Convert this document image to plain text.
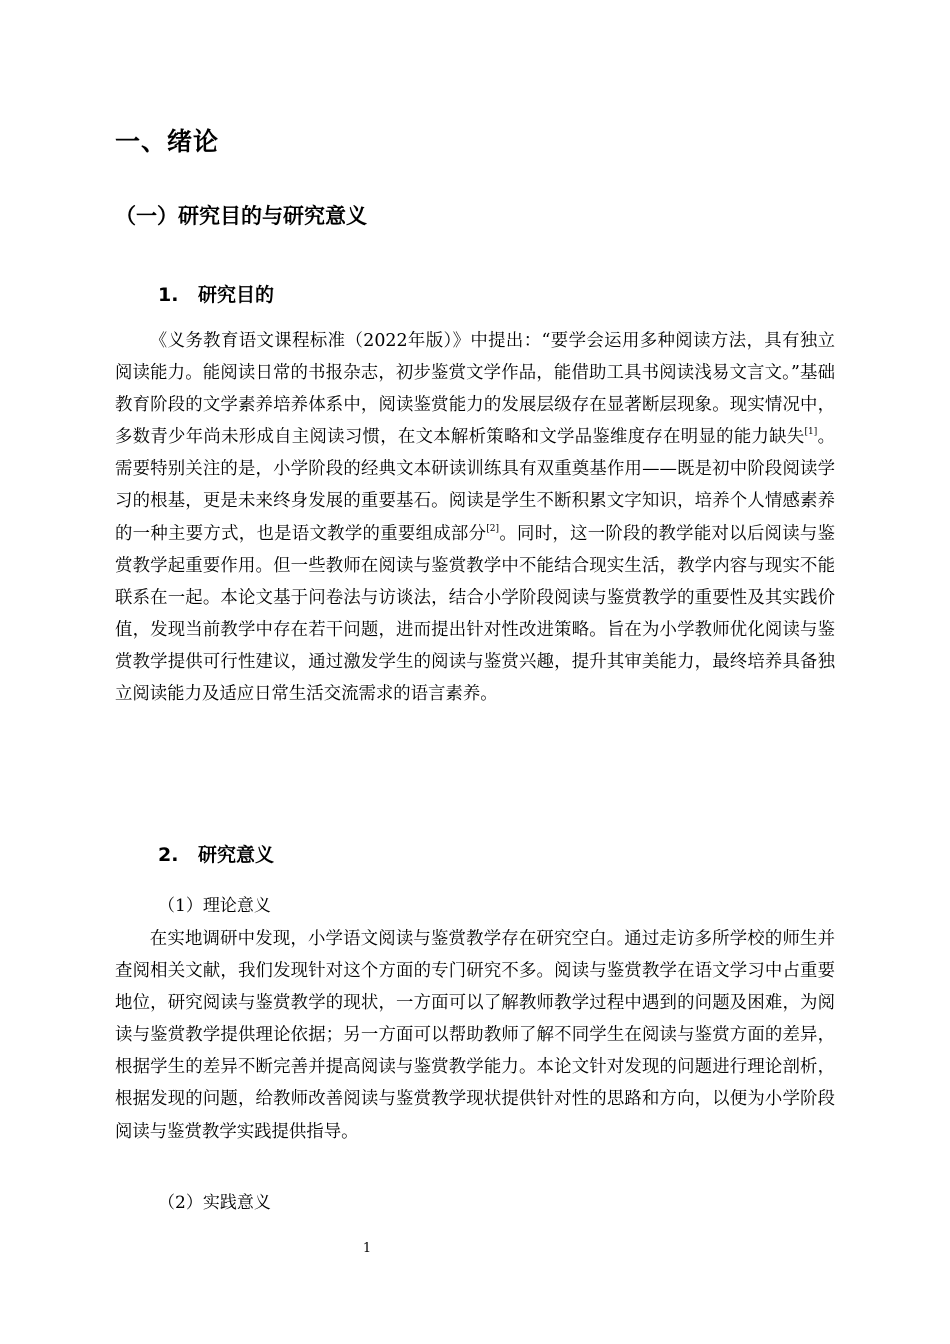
一、绪论
（一）研究目的与研究意义
1. 研究目的
《义务教育语文课程标准（2022年版）》中提出：“要学会运用多种阅读方法，具有独立阅读能力。能阅读日常的书报杂志，初步鉴赏文学作品，能借助工具书阅读浅易文言文。”基础教育阶段的文学素养培养体系中，阅读鉴赏能力的发展层级存在显著断层现象。现实情况中，多数青少年尚未形成自主阅读习惯，在文本解析策略和文学品鉴维度存在明显的能力缺失[1]。需要特别关注的是，小学阶段的经典文本研读训练具有双重奠基作用——既是初中阶段阅读学习的根基，更是未来终身发展的重要基石。阅读是学生不断积累文字知识，培养个人情感素养的一种主要方式，也是语文教学的重要组成部分[2]。同时，这一阶段的教学能对以后阅读与鉴赏教学起重要作用。但一些教师在阅读与鉴赏教学中不能结合现实生活，教学内容与现实不能联系在一起。本论文基于问卷法与访谈法，结合小学阶段阅读与鉴赏教学的重要性及其实践价值，发现当前教学中存在若干问题，进而提出针对性改进策略。旨在为小学教师优化阅读与鉴赏教学提供可行性建议，通过激发学生的阅读与鉴赏兴趣，提升其审美能力，最终培养具备独立阅读能力及适应日常生活交流需求的语言素养。
2. 研究意义
（1）理论意义
在实地调研中发现，小学语文阅读与鉴赏教学存在研究空白。通过走访多所学校的师生并查阅相关文献，我们发现针对这个方面的专门研究不多。阅读与鉴赏教学在语文学习中占重要地位，研究阅读与鉴赏教学的现状，一方面可以了解教师教学过程中遇到的问题及困难，为阅读与鉴赏教学提供理论依据；另一方面可以帮助教师了解不同学生在阅读与鉴赏方面的差异，根据学生的差异不断完善并提高阅读与鉴赏教学能力。本论文针对发现的问题进行理论剖析，根据发现的问题，给教师改善阅读与鉴赏教学现状提供针对性的思路和方向，以便为小学阶段阅读与鉴赏教学实践提供指导。
（2）实践意义
1
